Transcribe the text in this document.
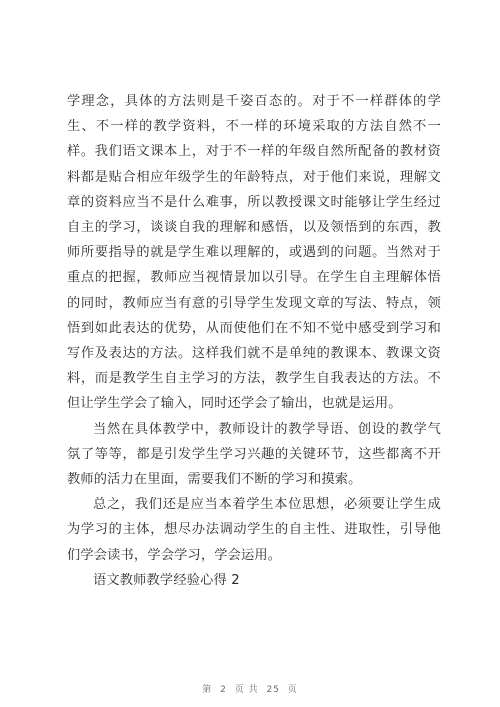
学理念，具体的方法则是千姿百态的。对于不一样群体的学生、不一样的教学资料，不一样的环境采取的方法自然不一样。我们语文课本上，对于不一样的年级自然所配备的教材资料都是贴合相应年级学生的年龄特点，对于他们来说，理解文章的资料应当不是什么难事，所以教授课文时能够让学生经过自主的学习，谈谈自我的理解和感悟，以及领悟到的东西，教师所要指导的就是学生难以理解的，或遇到的问题。当然对于重点的把握，教师应当视情景加以引导。在学生自主理解体悟的同时，教师应当有意的引导学生发现文章的写法、特点，领悟到如此表达的优势，从而使他们在不知不觉中感受到学习和写作及表达的方法。这样我们就不是单纯的教课本、教课文资料，而是教学生自主学习的方法，教学生自我表达的方法。不但让学生学会了输入，同时还学会了输出，也就是运用。

当然在具体教学中，教师设计的教学导语、创设的教学气氛了等等，都是引发学生学习兴趣的关键环节，这些都离不开教师的活力在里面，需要我们不断的学习和摸索。

总之，我们还是应当本着学生本位思想，必须要让学生成为学习的主体，想尽办法调动学生的自主性、进取性，引导他们学会读书，学会学习，学会运用。

语文教师教学经验心得 2

第 2 页 共 25 页
